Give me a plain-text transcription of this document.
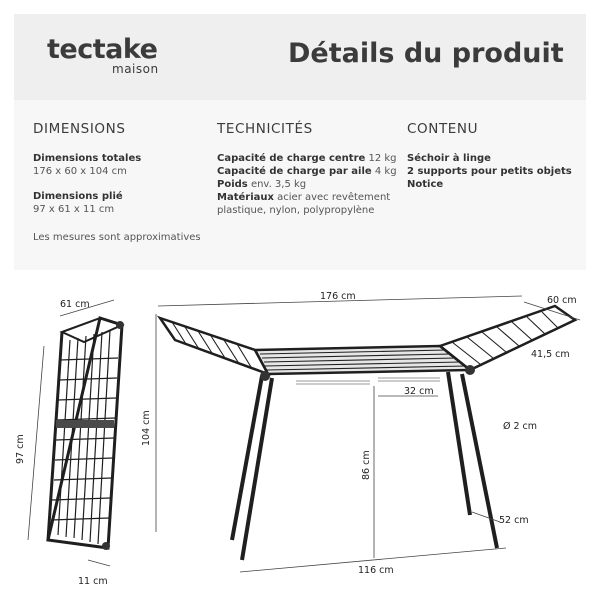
tectake
maison	Détails du produit
DIMENSIONS
Dimensions totales
176 x 60 x 104 cm
Dimensions plié
97 x 61 x 11 cm
Les mesures sont approximatives
TECHNICITÉS
Capacité de charge centre 12 kg
Capacité de charge par aile 4 kg
Poids env. 3,5 kg
Matériaux acier avec revêtement
plastique, nylon, polypropylène
CONTENU
Séchoir à linge
2 supports pour petits objets
Notice
61 cm
97 cm
11 cm
176 cm	60 cm
41,5 cm
104 cm
32 cm
86 cm
Ø 2 cm
52 cm
116 cm
